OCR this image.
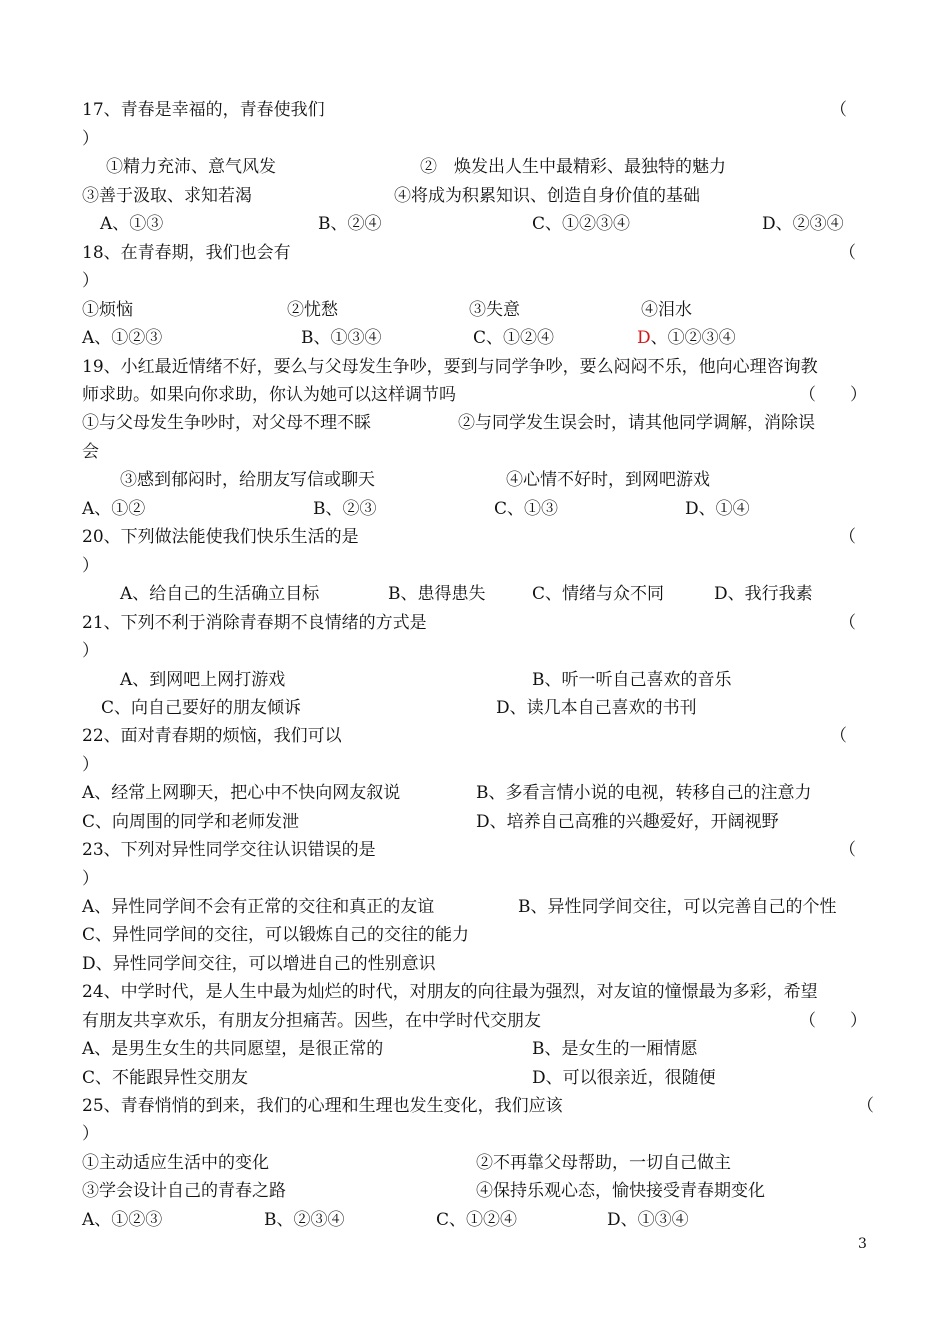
17、青春是幸福的，青春使我们	（
）
①精力充沛、意气风发	②　焕发出人生中最精彩、最独特的魅力
③善于汲取、求知若渴	④将成为积累知识、创造自身价值的基础
A、①③	B、②④	C、①②③④	D、②③④
18、在青春期，我们也会有	（
）
①烦恼	②忧愁	③失意	④泪水
A、①②③	B、①③④	C、①②④	D、①②③④
19、小红最近情绪不好，要么与父母发生争吵，要到与同学争吵，要么闷闷不乐，他向心理咨询教
师求助。如果向你求助，你认为她可以这样调节吗	（　　）
①与父母发生争吵时，对父母不理不睬	②与同学发生误会时，请其他同学调解，消除误
会
③感到郁闷时，给朋友写信或聊天	④心情不好时，到网吧游戏
A、①②	B、②③	C、①③	D、①④
20、下列做法能使我们快乐生活的是	（
）
A、给自己的生活确立目标	B、患得患失	C、情绪与众不同	D、我行我素
21、下列不利于消除青春期不良情绪的方式是	（
）
A、到网吧上网打游戏	B、听一听自己喜欢的音乐
C、向自己要好的朋友倾诉	D、读几本自己喜欢的书刊
22、面对青春期的烦恼，我们可以	（
）
A、经常上网聊天，把心中不快向网友叙说	B、多看言情小说的电视，转移自己的注意力
C、向周围的同学和老师发泄	D、培养自己高雅的兴趣爱好，开阔视野
23、下列对异性同学交往认识错误的是	（
）
A、异性同学间不会有正常的交往和真正的友谊	B、异性同学间交往，可以完善自己的个性
C、异性同学间的交往，可以锻炼自己的交往的能力
D、异性同学间交往，可以增进自己的性别意识
24、中学时代，是人生中最为灿烂的时代，对朋友的向往最为强烈，对友谊的憧憬最为多彩，希望
有朋友共享欢乐，有朋友分担痛苦。因些，在中学时代交朋友	（　　）
A、是男生女生的共同愿望，是很正常的	B、是女生的一厢情愿
C、不能跟异性交朋友	D、可以很亲近，很随便
25、青春悄悄的到来，我们的心理和生理也发生变化，我们应该	（
）
①主动适应生活中的变化	②不再靠父母帮助，一切自己做主
③学会设计自己的青春之路	④保持乐观心态，愉快接受青春期变化
A、①②③	B、②③④	C、①②④	D、①③④
3
